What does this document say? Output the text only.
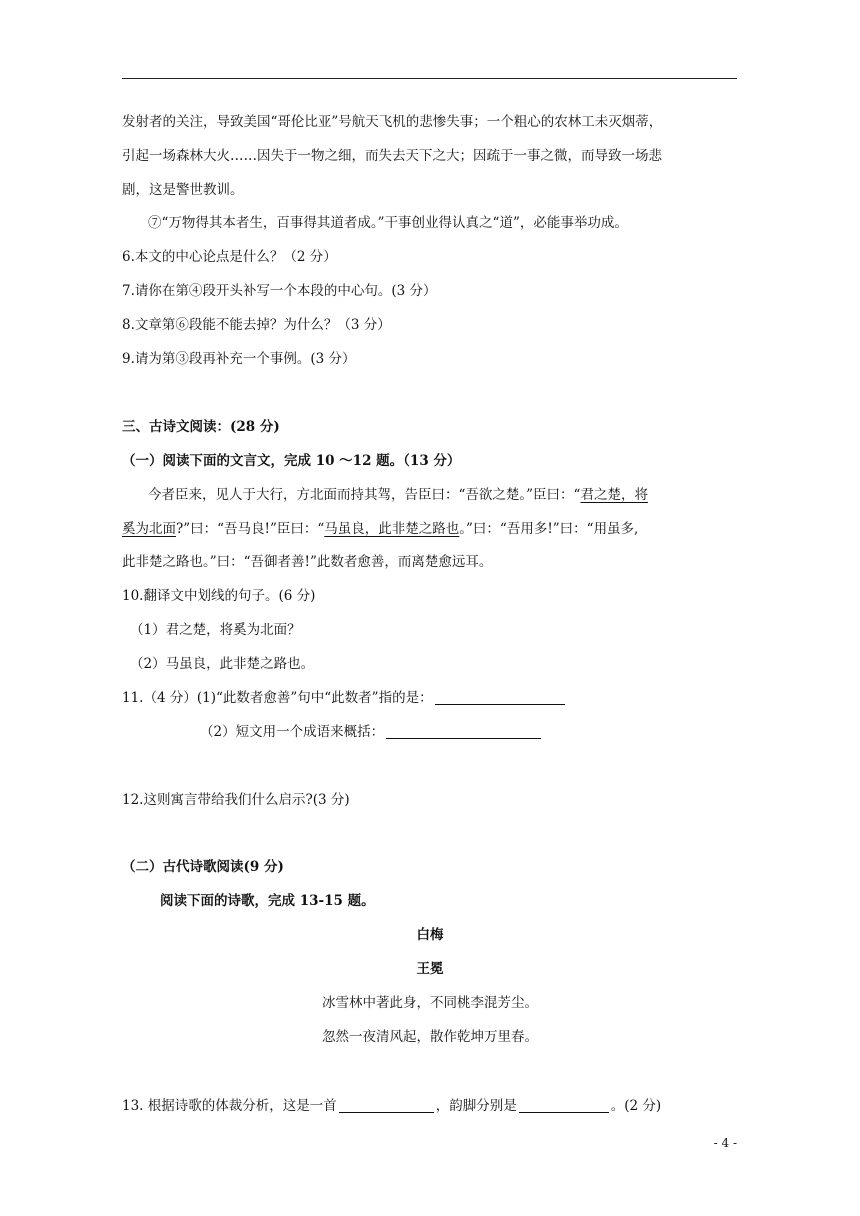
发射者的关注，导致美国“哥伦比亚”号航天飞机的悲惨失事；一个粗心的农林工未灭烟蒂，
引起一场森林大火……因失于一物之细，而失去天下之大；因疏于一事之微，而导致一场悲
剧，这是警世教训。
⑦“万物得其本者生，百事得其道者成。”干事创业得认真之“道”，必能事举功成。
6.本文的中心论点是什么？（2 分）
7.请你在第④段开头补写一个本段的中心句。(3 分）
8.文章第⑥段能不能去掉？为什么？（3 分）
9.请为第③段再补充一个事例。(3 分）
三、古诗文阅读：(28 分)
（一）阅读下面的文言文，完成 10 ～12 题。（13 分）
今者臣来，见人于大行，方北面而持其驾，告臣曰：“吾欲之楚。”臣曰：“君之楚，将
奚为北面?”曰：“吾马良!”臣曰：“马虽良，此非楚之路也。”曰：“吾用多!”曰：“用虽多,
此非楚之路也。”曰：“吾御者善!”此数者愈善，而离楚愈远耳。
10.翻译文中划线的句子。(6 分)
（1）君之楚，将奚为北面？
（2）马虽良，此非楚之路也。
11.（4 分）(1)“此数者愈善”句中“此数者”指的是：
（2）短文用一个成语来概括：
12.这则寓言带给我们什么启示?(3 分)
（二）古代诗歌阅读(9 分)
阅读下面的诗歌，完成 13-15 题。
白梅
王冕
冰雪林中著此身，不同桃李混芳尘。
忽然一夜清风起，散作乾坤万里春。
13. 根据诗歌的体裁分析，这是一首	，韵脚分别是	。(2 分)
- 4 -
